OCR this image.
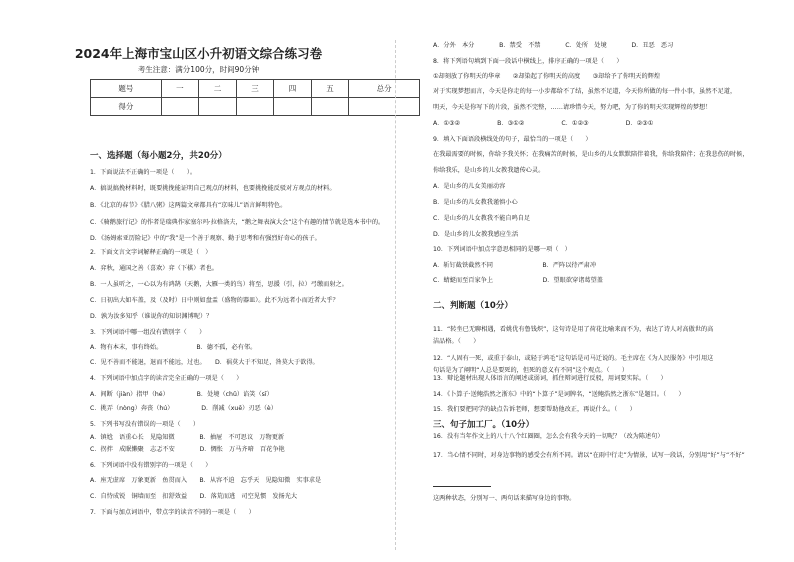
2024年上海市宝山区小升初语文综合练习卷
考生注意：满分100分，时间90分钟
题号	一	二	三	四	五	总分
得分						
一、选择题（每小题2分，共20分）
1．下面说法不正确的一项是（　　）。
A．搞说搞挽材料时，既要挑挽能证明自己观点的材料，也要挑挽能反驳对方观点的材料。
B．《北京的春节》《腊八粥》这两篇文章都具有“京味儿”语言鲜明特色。
C．《骑鹅旅行记》的作者是瑞典作家塞尔玛·拉格洛夫，“鹅之舞表演大会”这个有趣的情节就是选本书中的。
D．《汤姆索亚历险记》中的“我”是一个善于观察、勤于思考和有强烈好奇心的孩子。
2．下面文言文字词解释正确的一项是（　）
A．弈秋，通国之善（喜欢）弈（下棋）者也。
B．一人虽听之，一心以为有鸿鹄（天鹅，大雁一类的鸟）将至，思援（引，拉）弓缴而射之。
C．日初出大如车盖，及（及时）日中则如盘盂（盛物的器皿）。此不为远者小而近者大乎？
D．孰为汝多知乎（谁说你的知识渊博呢）？
3．下列词语中哪一组没有错别字（　　）
A．物有本末，事有终始。　　　　　　B．德不孤，必有邻。
C．见不善而不能退，退而不能远，过也。　　D．祸莫大于不知足，咎莫大于欲得。
4．下列词语中加点字的读音完全正确的一项是（　　）
A．间断（jiàn）指甲（hé）　　　　　B．处境（chǔ）谄笑（sī）
C．挑弄（nòng）奔丧（hú）　　　　　D．削减（xuē）刃恶（è）
5．下列书写没有错误的一项是（　　）
A．镇尬　语重心长　见隐知微　　　　B．抽屉　不可思议　万物更新
C．拐拌　成眠懒聚　志忑不安　　　　D．惆怅　万马齐喑　百花争艳
6．下列词语中没有错别字的一项是（　　）
A．座无虚席　万象更新　鱼贯而入　　B．从容不迫　忘乎天　见隐知微　实事求是
C．自恃成锐　铜墙而至　扣舒效益　　D．落荒而逃　司空见惯　发扬光大
7．下面与加点词语中，带点字的读音不同的一项是（　　）
A．分外　本分　　　　B．禁受　不禁　　　　C．处所　处境　　　　D．丑恶　恶习
8．将下列语句填到下面一段话中横线上，排序正确的一项是（　　）
①却刻放了你明天的华章　　②却染起了你明天的高度　　③却给予了你明天的辉煌
对于实现梦想而言，今天是你走的每一小步都给不了结，虽然不足道，今天你所做的每一件小事，虽然不足道，
明天，今天是你写下的片段，虽然不完整，……请珍惜今天，努力吧，为了你的明天实现辉煌的梦想！
A．①③②　　　　　　B．③①②　　　　　　C．①②③　　　　　　D．②③①
9．填入下面语段横线处的句子，最恰当的一项是（　　）
在我最需要的时候，你给予我关怀；在我痛苦的时候，是山乡的儿女默默陪伴着我，你给我陪伴；在我悲伤的时候，
你给我乐，是山乡的儿女教我遗传心灵。
A．是山乡的儿女美丽动容
B．是山乡的儿女教我谨慎小心
C．是山乡的儿女教我不能自鸣自足
D．是山乡的儿女教我感应生活
10．下列词语中加点字意思相同的是哪一项（　）
A．斩钉截铁截然不同　　　　　　　　B．严阵以待严肃冲
C．蜻蜓而至百家争上　　　　　　　　D．望眼欲穿诸葛望盖
二、判断题（10分）
11．“转坐已无聊相遇，看姚优有鲁钱炽”，这句诗是用了荷花比喻来而不为，表达了诗人对高傲世的高
洁品格。（　　）
12．“人固有一死，或重于泰山，或轻于鸿毛”这句话是司马迁说的。毛主席在《为人民服务》中引用这
句话是为了阐明“人总是要死的，但死的意义有不同”这个观点。（　　）
13．辩论题材出现人体语言的阐述或弱词，抓住辩词进行反驳，用词要实际。（　　）
14．《卜算子·送鲍浩然之浙东》中的“卜算子”是词牌名，“送鲍浩然之浙东”是题目。（　　）
15．我们要把同学的缺点告诉老师，想要帮助他改正，再说什么。（　　）
三、句子加工厂。（10分）
16．没有当年作文上的八十八个红圈圈，怎么会有我今天的一切呢？（改为陈述句）
17．当心情不同时，对身边事物的感受会有所不同。请以“在雨中行走”为情景，试写一段话，分别用“好”与“不好”
这两种状态，分别写一、两句话来描写身边的事物。
